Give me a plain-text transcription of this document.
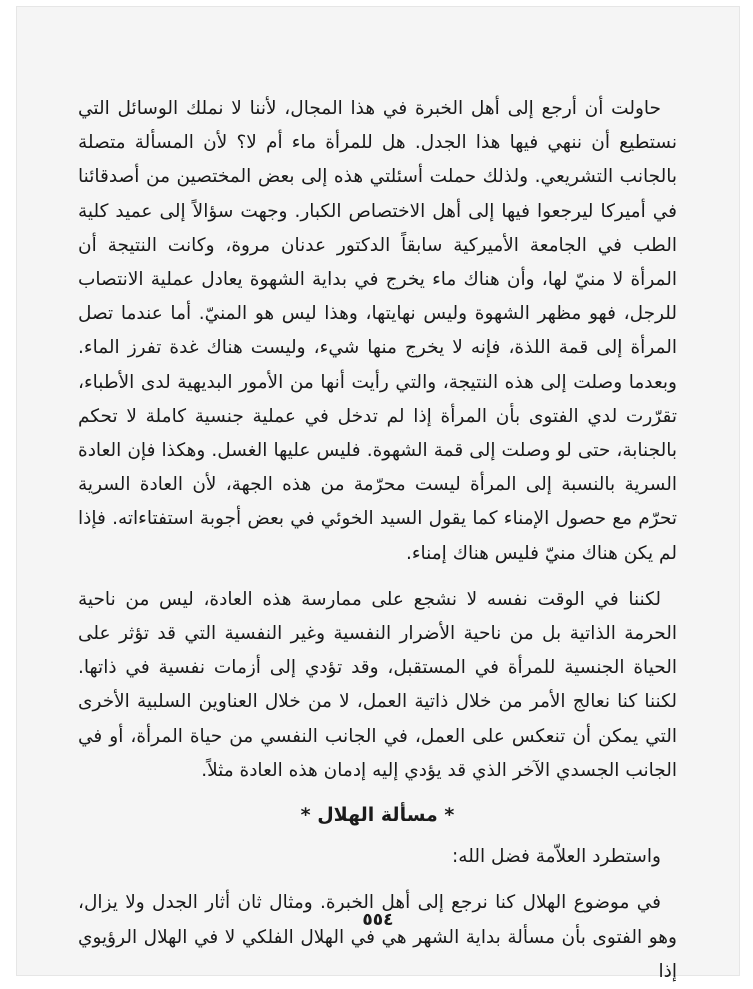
حاولت أن أرجع إلى أهل الخبرة في هذا المجال، لأننا لا نملك الوسائل التي نستطيع أن ننهي فيها هذا الجدل. هل للمرأة ماء أم لا؟ لأن المسألة متصلة بالجانب التشريعي. ولذلك حملت أسئلتي هذه إلى بعض المختصين من أصدقائنا في أميركا ليرجعوا فيها إلى أهل الاختصاص الكبار. وجهت سؤالاً إلى عميد كلية الطب في الجامعة الأميركية سابقاً الدكتور عدنان مروة، وكانت النتيجة أن المرأة لا منيّ لها، وأن هناك ماء يخرج في بداية الشهوة يعادل عملية الانتصاب للرجل، فهو مظهر الشهوة وليس نهايتها، وهذا ليس هو المنيّ. أما عندما تصل المرأة إلى قمة اللذة، فإنه لا يخرج منها شيء، وليست هناك غدة تفرز الماء. وبعدما وصلت إلى هذه النتيجة، والتي رأيت أنها من الأمور البديهية لدى الأطباء، تقرّرت لدي الفتوى بأن المرأة إذا لم تدخل في عملية جنسية كاملة لا تحكم بالجنابة، حتى لو وصلت إلى قمة الشهوة. فليس عليها الغسل. وهكذا فإن العادة السرية بالنسبة إلى المرأة ليست محرّمة من هذه الجهة، لأن العادة السرية تحرّم مع حصول الإمناء كما يقول السيد الخوئي في بعض أجوبة استفتاءاته. فإذا لم يكن هناك منيّ فليس هناك إمناء.

لكننا في الوقت نفسه لا نشجع على ممارسة هذه العادة، ليس من ناحية الحرمة الذاتية بل من ناحية الأضرار النفسية وغير النفسية التي قد تؤثر على الحياة الجنسية للمرأة في المستقبل، وقد تؤدي إلى أزمات نفسية في ذاتها. لكننا كنا نعالج الأمر من خلال ذاتية العمل، لا من خلال العناوين السلبية الأخرى التي يمكن أن تنعكس على العمل، في الجانب النفسي من حياة المرأة، أو في الجانب الجسدي الآخر الذي قد يؤدي إليه إدمان هذه العادة مثلاً.

* مسألة الهلال *

واستطرد العلاّمة فضل الله:

في موضوع الهلال كنا نرجع إلى أهل الخبرة. ومثال ثان أثار الجدل ولا يزال، وهو الفتوى بأن مسألة بداية الشهر هي في الهلال الفلكي لا في الهلال الرؤيوي إذا

٥٥٤
